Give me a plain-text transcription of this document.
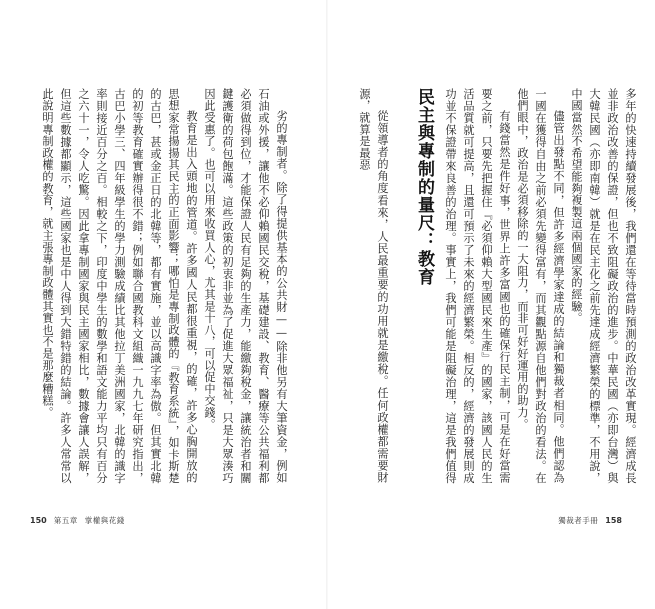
劣的專制者。除了得提供基本的公共財——除非他另有大筆資金，例如石油或外援，讓他不必仰賴國民交稅，基礎建設、教育、醫療等公共福利都必須做得到位，才能保證人民有足夠的生產力，能繳夠稅金，讓統治者和關鍵護衛的荷包飽滿。這些政策的初衷非並為了促進大眾福祉，只是大眾湊巧因此受惠了。也可以用來收買人心，尤其是十八，可以促中交錢。

教育是出入頭地的管道。許多國人民都很重視，的確，許多心胸開放的思想家常揚揚其民主的正面影響；哪怕是專制政體的『教育系統』，如卡斯楚的古巴，甚或金正日的北韓等，都有實施，並以高識字率為傲。但其實北韓的初等教育確實辦得很不錯；例如聯合國教科文組織一九九七年研究指出，古巴小學三、四年級學生的學力測驗成績比其他拉丁美洲國家，北韓的識字率則接近百分之百。相較之下，印度中學生的數學和語文能力平均只有百分之六十一，令人吃驚。因此拿專制國家與民主國家相比，數據會讓人誤解，但這些數據都顯示，這些國家也是中人得到大錯特錯的結論。許多人常常以此說明專制政權的教育，就主張專制政體其實也不是那麼糟糕。

150 第五章 掌權與花錢

多年的快速持續發展後，我們還在等待當時預測的政治改革實現。經濟成長並非政治改善的保證，但也不致阻礙政治的進步。中華民國（亦即台灣）與大韓民國（亦即南韓）就是在民主化之前先達成經濟繁榮的標準，不用說，中國當然不希望能夠複製這兩個國家的經驗。

儘管出發點不同，但許多經濟學家達成的結論和獨裁者相同。他們認為一國在獲得自由之前必須先變得富有，而其觀點源自他們對政治的看法。在他們眼中，政治是必須移除的一大阻力，而非可好好運用的助力。

有錢當然是件好事，世界上許多富國也的確保行民主制，可是在好當需要之前，只要先把握住『必須仰賴大型國民來生產』的國家，該國人民的生活品質就可提高，且還可預示了未來的經濟繁榮。相反的，經濟的發展則成功並不保證帶來良善的治理。事實上，我們可能是阻礙治理，這是我們值得

民主與專制的量尺：教育

從領導者的角度看來，人民最重要的功用就是繳稅。任何政權都需要財源，就算是最惡

獨裁者手冊 158
